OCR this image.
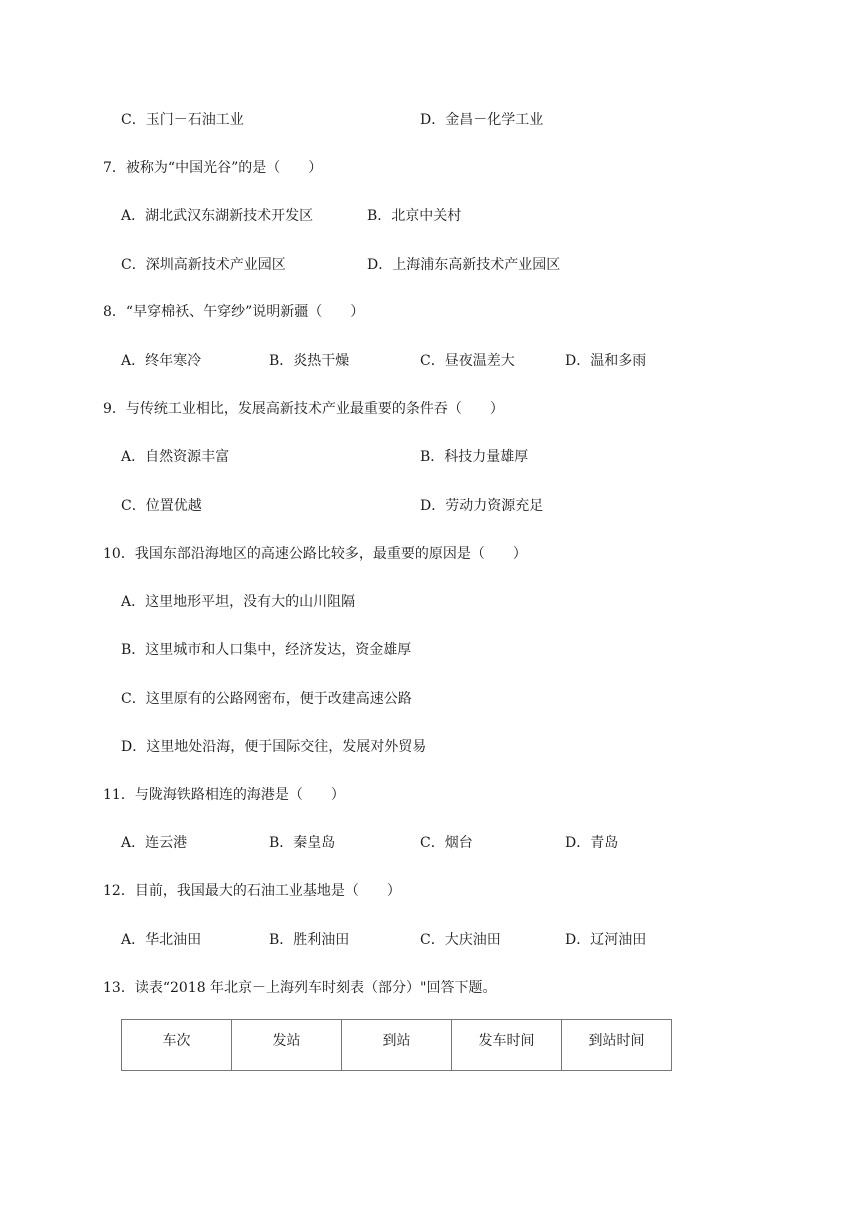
C．玉门－石油工业	D．金昌－化学工业
7．被称为“中国光谷”的是（　　）
A．湖北武汉东湖新技术开发区	B．北京中关村
C．深圳高新技术产业园区	D．上海浦东高新技术产业园区
8．“早穿棉袄、午穿纱”说明新疆（　　）
A．终年寒冷	B．炎热干燥	C．昼夜温差大	D．温和多雨
9．与传统工业相比，发展高新技术产业最重要的条件吞（　　）
A．自然资源丰富	B．科技力量雄厚
C．位置优越	D．劳动力资源充足
10．我国东部沿海地区的高速公路比较多，最重要的原因是（　　）
A．这里地形平坦，没有大的山川阻隔
B．这里城市和人口集中，经济发达，资金雄厚
C．这里原有的公路网密布，便于改建高速公路
D．这里地处沿海，便于国际交往，发展对外贸易
11．与陇海铁路相连的海港是（　　）
A．连云港	B．秦皇岛	C．烟台	D．青岛
12．目前，我国最大的石油工业基地是（　　）
A．华北油田	B．胜利油田	C．大庆油田	D．辽河油田
13．读表“2018 年北京－上海列车时刻表（部分）"回答下题。
车次	发站	到站	发车时间	到站时间
